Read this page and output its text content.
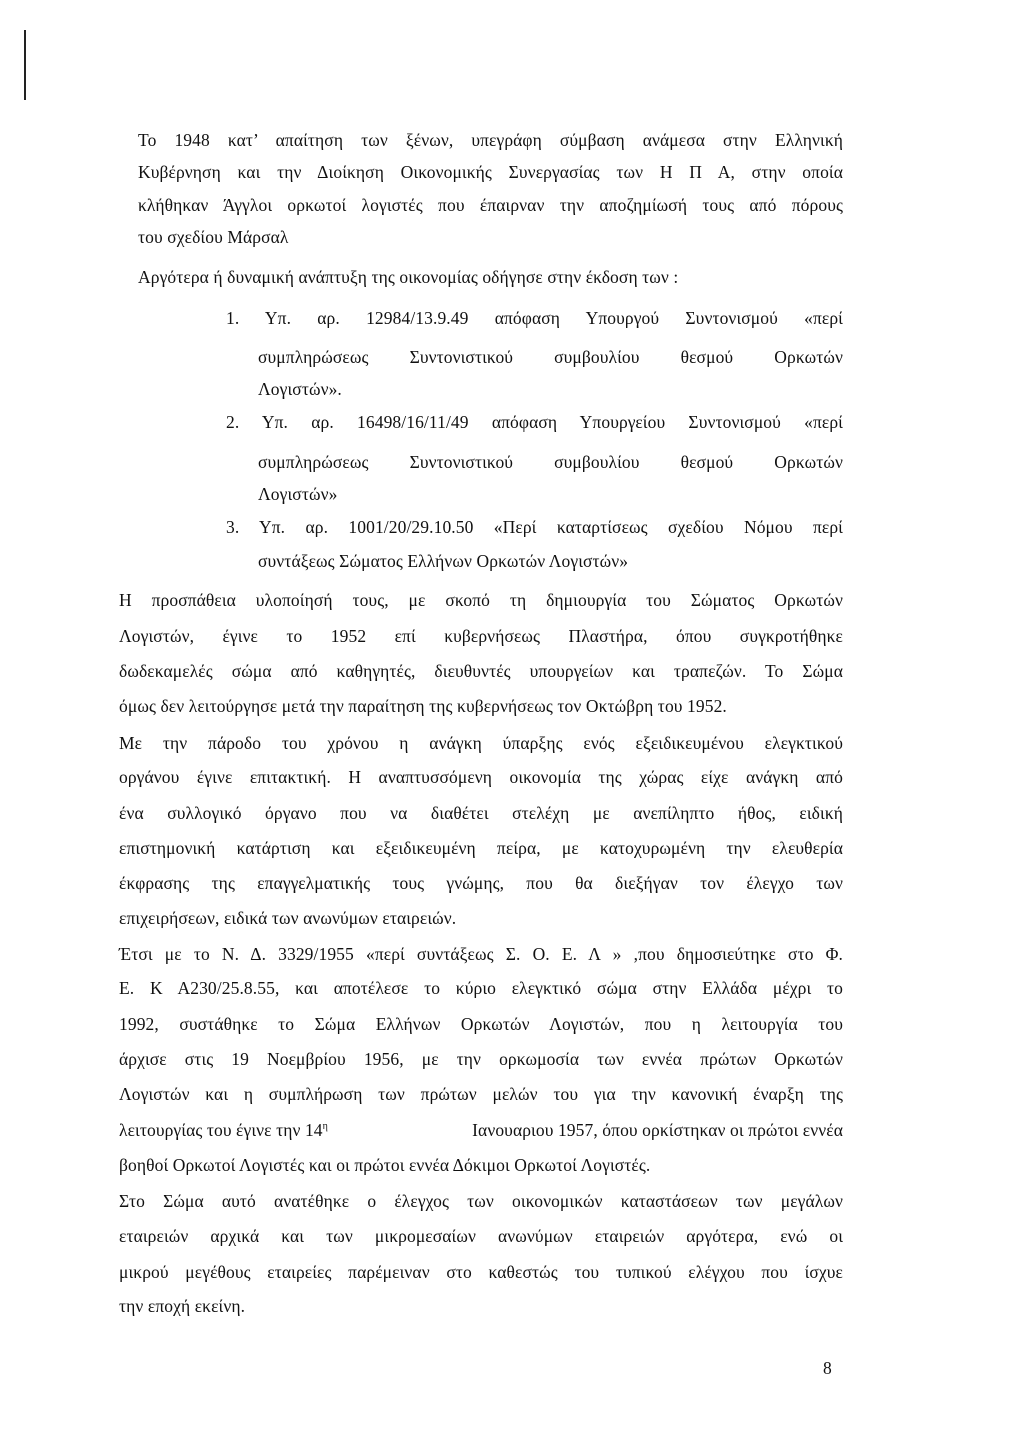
Το 1948 κατ’ απαίτηση των ξένων, υπεγράφη σύμβαση ανάμεσα στην Ελληνική
Κυβέρνηση και την Διοίκηση Οικονομικής Συνεργασίας των Η Π Α, στην οποία
κλήθηκαν Άγγλοι ορκωτοί λογιστές που έπαιρναν την αποζημίωσή τους από πόρους
του σχεδίου Μάρσαλ
Αργότερα ή δυναμική ανάπτυξη της οικονομίας οδήγησε στην έκδοση των :
1. Υπ. αρ. 12984/13.9.49 απόφαση Υπουργού Συντονισμού «περί
συμπληρώσεως Συντονιστικού συμβουλίου θεσμού Ορκωτών
Λογιστών».
2. Υπ. αρ. 16498/16/11/49 απόφαση Υπουργείου Συντονισμού «περί
συμπληρώσεως Συντονιστικού συμβουλίου θεσμού Ορκωτών
Λογιστών»
3. Υπ. αρ. 1001/20/29.10.50 «Περί καταρτίσεως σχεδίου Νόμου περί
συντάξεως Σώματος Ελλήνων Ορκωτών Λογιστών»
Η προσπάθεια υλοποίησή τους, με σκοπό τη δημιουργία του Σώματος Ορκωτών
Λογιστών, έγινε το 1952 επί κυβερνήσεως Πλαστήρα, όπου συγκροτήθηκε
δωδεκαμελές σώμα από καθηγητές, διευθυντές υπουργείων και τραπεζών. Το Σώμα
όμως δεν λειτούργησε μετά την παραίτηση της κυβερνήσεως τον Οκτώβρη του 1952.
Με την πάροδο του χρόνου η ανάγκη ύπαρξης ενός εξειδικευμένου ελεγκτικού
οργάνου έγινε επιτακτική. Η αναπτυσσόμενη οικονομία της χώρας είχε ανάγκη από
ένα συλλογικό όργανο που να διαθέτει στελέχη με ανεπίληπτο ήθος, ειδική
επιστημονική κατάρτιση και εξειδικευμένη πείρα, με κατοχυρωμένη την ελευθερία
έκφρασης της επαγγελματικής τους γνώμης, που θα διεξήγαν τον έλεγχο των
επιχειρήσεων, ειδικά των ανωνύμων εταιρειών.
Έτσι με το Ν. Δ. 3329/1955 «περί συντάξεως Σ. Ο. Ε. Λ » ,που δημοσιεύτηκε στο Φ.
Ε. Κ Α230/25.8.55, και αποτέλεσε το κύριο ελεγκτικό σώμα στην Ελλάδα μέχρι το
1992, συστάθηκε το Σώμα Ελλήνων Ορκωτών Λογιστών, που η λειτουργία του
άρχισε στις 19 Νοεμβρίου 1956, με την ορκωμοσία των εννέα πρώτων Ορκωτών
Λογιστών και η συμπλήρωση των πρώτων μελών του για την κανονική έναρξη της
λειτουργίας του έγινε την $14^\eta$	Ιανουαριου 1957, όπου ορκίστηκαν οι πρώτοι εννέα
βοηθοί Ορκωτοί Λογιστές και οι πρώτοι εννέα Δόκιμοι Ορκωτοί Λογιστές.
Στο Σώμα αυτό ανατέθηκε ο έλεγχος των οικονομικών καταστάσεων των μεγάλων
εταιρειών αρχικά και των μικρομεσαίων ανωνύμων εταιρειών αργότερα, ενώ οι
μικρού μεγέθους εταιρείες παρέμειναν στο καθεστώς του τυπικού ελέγχου που ίσχυε
την εποχή εκείνη.
8
